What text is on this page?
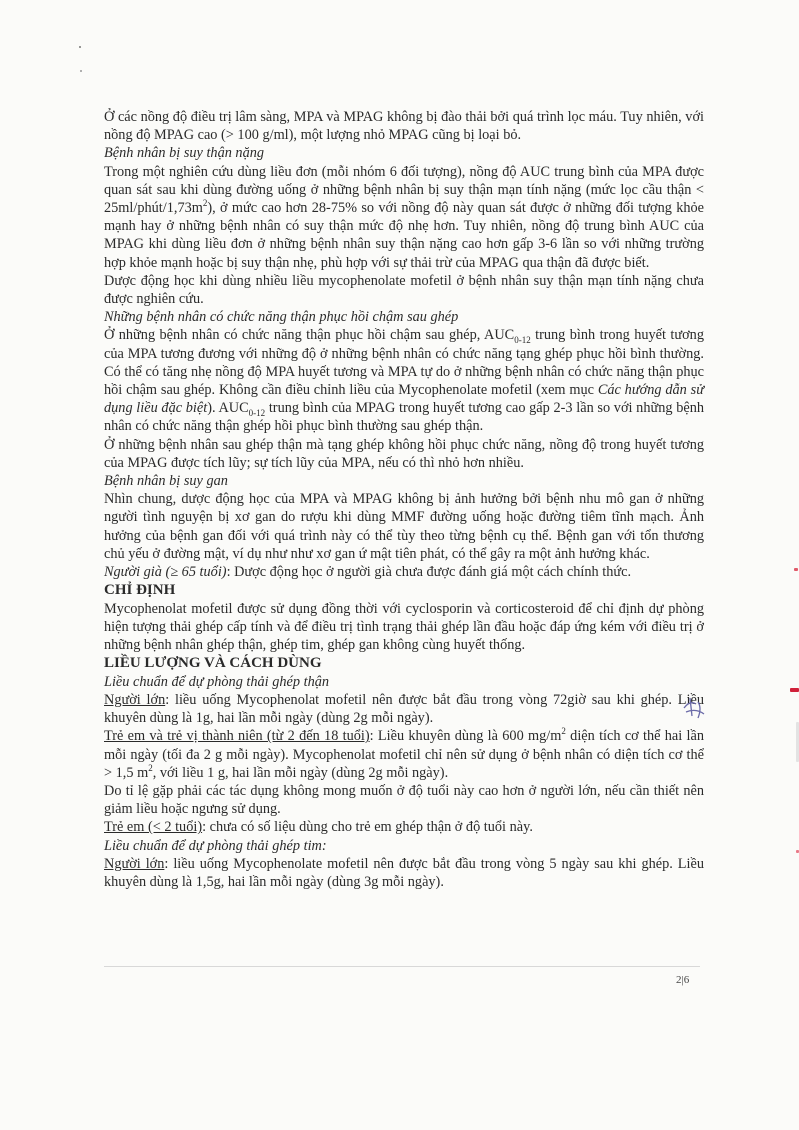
Ở các nồng độ điều trị lâm sàng, MPA và MPAG không bị đào thải bởi quá trình lọc máu. Tuy nhiên, với nồng độ MPAG cao (> 100 g/ml), một lượng nhỏ MPAG cũng bị loại bỏ.

Bệnh nhân bị suy thận nặng

Trong một nghiên cứu dùng liều đơn (mỗi nhóm 6 đối tượng), nồng độ AUC trung bình của MPA được quan sát sau khi dùng đường uống ở những bệnh nhân bị suy thận mạn tính nặng (mức lọc cầu thận < $25ml/phút/1,73m^2$), ở mức cao hơn 28-75% so với nồng độ này quan sát được ở những đối tượng khỏe mạnh hay ở những bệnh nhân có suy thận mức độ nhẹ hơn. Tuy nhiên, nồng độ trung bình AUC của MPAG khi dùng liều đơn ở những bệnh nhân suy thận nặng cao hơn gấp 3-6 lần so với những trường hợp khỏe mạnh hoặc bị suy thận nhẹ, phù hợp với sự thải trừ của MPAG qua thận đã được biết.

Dược động học khi dùng nhiều liều mycophenolate mofetil ở bệnh nhân suy thận mạn tính nặng chưa được nghiên cứu.

Những bệnh nhân có chức năng thận phục hồi chậm sau ghép

Ở những bệnh nhân có chức năng thận phục hồi chậm sau ghép, $AUC_{0-12}$ trung bình trong huyết tương của MPA tương đương với những độ ở những bệnh nhân có chức năng tạng ghép phục hồi bình thường. Có thể có tăng nhẹ nồng độ MPA huyết tương và MPA tự do ở những bệnh nhân có chức năng thận phục hồi chậm sau ghép. Không cần điều chỉnh liều của Mycophenolate mofetil (xem mục Các hướng dẫn sử dụng liều đặc biệt). $AUC_{0-12}$ trung bình của MPAG trong huyết tương cao gấp 2-3 lần so với những bệnh nhân có chức năng thận ghép hồi phục bình thường sau ghép thận.

Ở những bệnh nhân sau ghép thận mà tạng ghép không hồi phục chức năng, nồng độ trong huyết tương của MPAG được tích lũy; sự tích lũy của MPA, nếu có thì nhỏ hơn nhiều.

Bệnh nhân bị suy gan

Nhìn chung, dược động học của MPA và MPAG không bị ảnh hưởng bởi bệnh nhu mô gan ở những người tình nguyện bị xơ gan do rượu khi dùng MMF đường uống hoặc đường tiêm tĩnh mạch. Ảnh hưởng của bệnh gan đối với quá trình này có thể tùy theo từng bệnh cụ thể. Bệnh gan với tổn thương chủ yếu ở đường mật, ví dụ như như xơ gan ứ mật tiên phát, có thể gây ra một ảnh hưởng khác.

Người già (≥ 65 tuổi): Dược động học ở người già chưa được đánh giá một cách chính thức.

CHỈ ĐỊNH

Mycophenolat mofetil được sử dụng đồng thời với cyclosporin và corticosteroid để chỉ định dự phòng hiện tượng thải ghép cấp tính và để điều trị tình trạng thải ghép lần đầu hoặc đáp ứng kém với điều trị ở những bệnh nhân ghép thận, ghép tim, ghép gan không cùng huyết thống.

LIỀU LƯỢNG VÀ CÁCH DÙNG

Liều chuẩn để dự phòng thải ghép thận

Người lớn: liều uống Mycophenolat mofetil nên được bắt đầu trong vòng 72giờ sau khi ghép. Liều khuyên dùng là 1g, hai lần mỗi ngày (dùng 2g mỗi ngày).

Trẻ em và trẻ vị thành niên (từ 2 đến 18 tuổi): Liều khuyên dùng là 600 $mg/m^2$ diện tích cơ thể hai lần mỗi ngày (tối đa 2 g mỗi ngày). Mycophenolat mofetil chỉ nên sử dụng ở bệnh nhân có diện tích cơ thể > 1,5 $m^2$, với liều 1 g, hai lần mỗi ngày (dùng 2g mỗi ngày).

Do tỉ lệ gặp phải các tác dụng không mong muốn ở độ tuổi này cao hơn ở người lớn, nếu cần thiết nên giảm liều hoặc ngưng sử dụng.

Trẻ em (< 2 tuổi): chưa có số liệu dùng cho trẻ em ghép thận ở độ tuổi này.

Liều chuẩn để dự phòng thải ghép tim:

Người lớn: liều uống Mycophenolate mofetil nên được bắt đầu trong vòng 5 ngày sau khi ghép. Liều khuyên dùng là 1,5g, hai lần mỗi ngày (dùng 3g mỗi ngày).

2|6
